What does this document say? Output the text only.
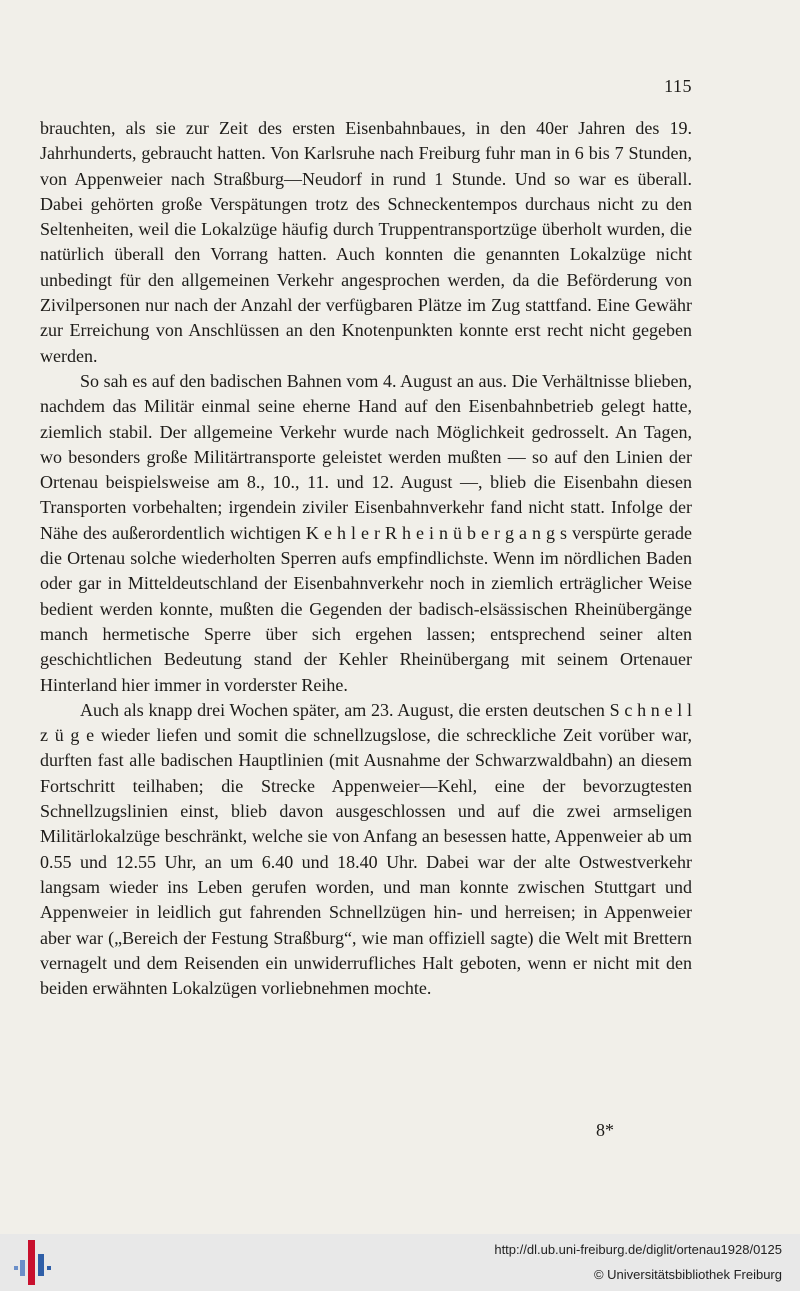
115

brauchten, als sie zur Zeit des ersten Eisenbahnbaues, in den 40er Jahren des 19. Jahrhunderts, gebraucht hatten. Von Karlsruhe nach Freiburg fuhr man in 6 bis 7 Stunden, von Appenweier nach Straßburg—Neudorf in rund 1 Stunde. Und so war es überall. Dabei gehörten große Verspätungen trotz des Schneckentempos durchaus nicht zu den Seltenheiten, weil die Lokalzüge häufig durch Truppentransportzüge überholt wurden, die natürlich überall den Vorrang hatten. Auch konnten die genannten Lokalzüge nicht unbedingt für den allgemeinen Verkehr angesprochen werden, da die Beförderung von Zivilpersonen nur nach der Anzahl der verfügbaren Plätze im Zug stattfand. Eine Gewähr zur Erreichung von Anschlüssen an den Knotenpunkten konnte erst recht nicht gegeben werden.

So sah es auf den badischen Bahnen vom 4. August an aus. Die Verhältnisse blieben, nachdem das Militär einmal seine eherne Hand auf den Eisenbahnbetrieb gelegt hatte, ziemlich stabil. Der allgemeine Verkehr wurde nach Möglichkeit gedrosselt. An Tagen, wo besonders große Militärtransporte geleistet werden mußten — so auf den Linien der Ortenau beispielsweise am 8., 10., 11. und 12. August —, blieb die Eisenbahn diesen Transporten vorbehalten; irgendein ziviler Eisenbahnverkehr fand nicht statt. Infolge der Nähe des außerordentlich wichtigen K e h l e r R h e i n ü b e r g a n g s verspürte gerade die Ortenau solche wiederholten Sperren aufs empfindlichste. Wenn im nördlichen Baden oder gar in Mitteldeutschland der Eisenbahnverkehr noch in ziemlich erträglicher Weise bedient werden konnte, mußten die Gegenden der badisch-elsässischen Rheinübergänge manch hermetische Sperre über sich ergehen lassen; entsprechend seiner alten geschichtlichen Bedeutung stand der Kehler Rheinübergang mit seinem Ortenauer Hinterland hier immer in vorderster Reihe.

Auch als knapp drei Wochen später, am 23. August, die ersten deutschen S c h n e l l z ü g e wieder liefen und somit die schnellzugslose, die schreckliche Zeit vorüber war, durften fast alle badischen Hauptlinien (mit Ausnahme der Schwarzwaldbahn) an diesem Fortschritt teilhaben; die Strecke Appenweier—Kehl, eine der bevorzugtesten Schnellzugslinien einst, blieb davon ausgeschlossen und auf die zwei armseligen Militärlokalzüge beschränkt, welche sie von Anfang an besessen hatte, Appenweier ab um 0.55 und 12.55 Uhr, an um 6.40 und 18.40 Uhr. Dabei war der alte Ostwestverkehr langsam wieder ins Leben gerufen worden, und man konnte zwischen Stuttgart und Appenweier in leidlich gut fahrenden Schnellzügen hin- und herreisen; in Appenweier aber war („Bereich der Festung Straßburg“, wie man offiziell sagte) die Welt mit Brettern vernagelt und dem Reisenden ein unwiderrufliches Halt geboten, wenn er nicht mit den beiden erwähnten Lokalzügen vorliebnehmen mochte.

8*
http://dl.ub.uni-freiburg.de/diglit/ortenau1928/0125
© Universitätsbibliothek Freiburg
